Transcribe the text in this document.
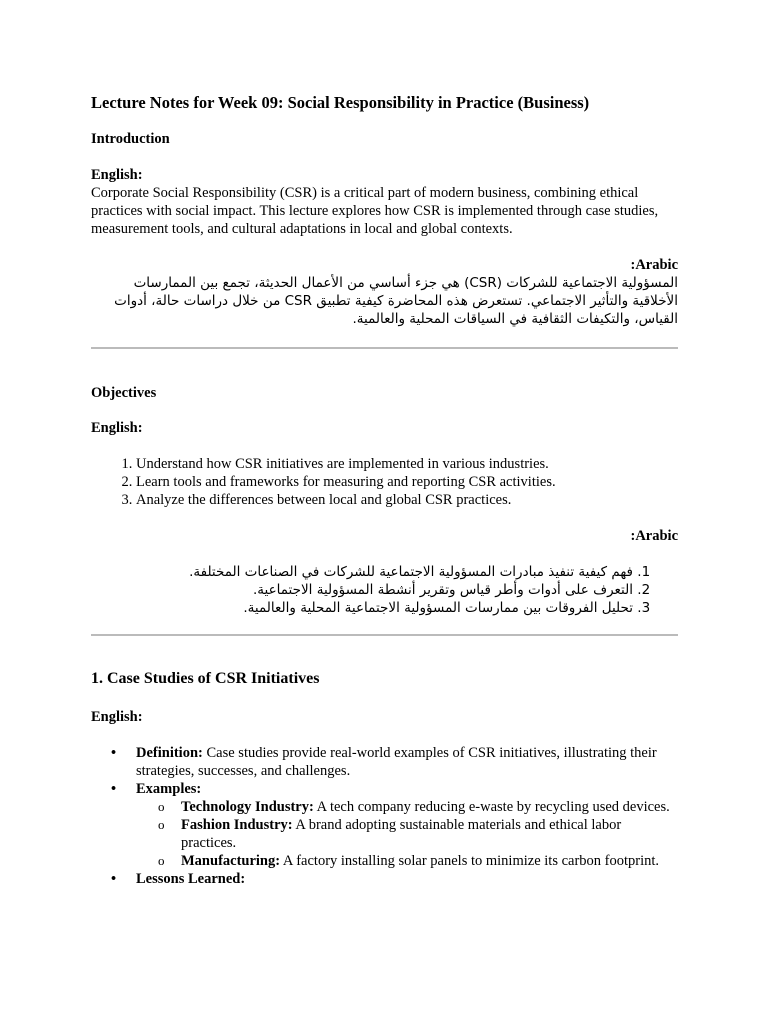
Lecture Notes for Week 09: Social Responsibility in Practice (Business)

Introduction

English:

Corporate Social Responsibility (CSR) is a critical part of modern business, combining ethical practices with social impact. This lecture explores how CSR is implemented through case studies, measurement tools, and cultural adaptations in local and global contexts.

:Arabic

المسؤولية الاجتماعية للشركات (CSR) هي جزء أساسي من الأعمال الحديثة، تجمع بين الممارسات الأخلاقية والتأثير الاجتماعي. تستعرض هذه المحاضرة كيفية تطبيق CSR من خلال دراسات حالة، أدوات القياس، والتكيفات الثقافية في السياقات المحلية والعالمية.

Objectives

English:

1. Understand how CSR initiatives are implemented in various industries.
2. Learn tools and frameworks for measuring and reporting CSR activities.
3. Analyze the differences between local and global CSR practices.

:Arabic

1. فهم كيفية تنفيذ مبادرات المسؤولية الاجتماعية للشركات في الصناعات المختلفة.
2. التعرف على أدوات وأطر قياس وتقرير أنشطة المسؤولية الاجتماعية.
3. تحليل الفروقات بين ممارسات المسؤولية الاجتماعية المحلية والعالمية.
1. Case Studies of CSR Initiatives

English:

• Definition: Case studies provide real-world examples of CSR initiatives, illustrating their strategies, successes, and challenges.
• Examples:
o Technology Industry: A tech company reducing e-waste by recycling used devices.
o Fashion Industry: A brand adopting sustainable materials and ethical labor practices.
o Manufacturing: A factory installing solar panels to minimize its carbon footprint.
• Lessons Learned:
